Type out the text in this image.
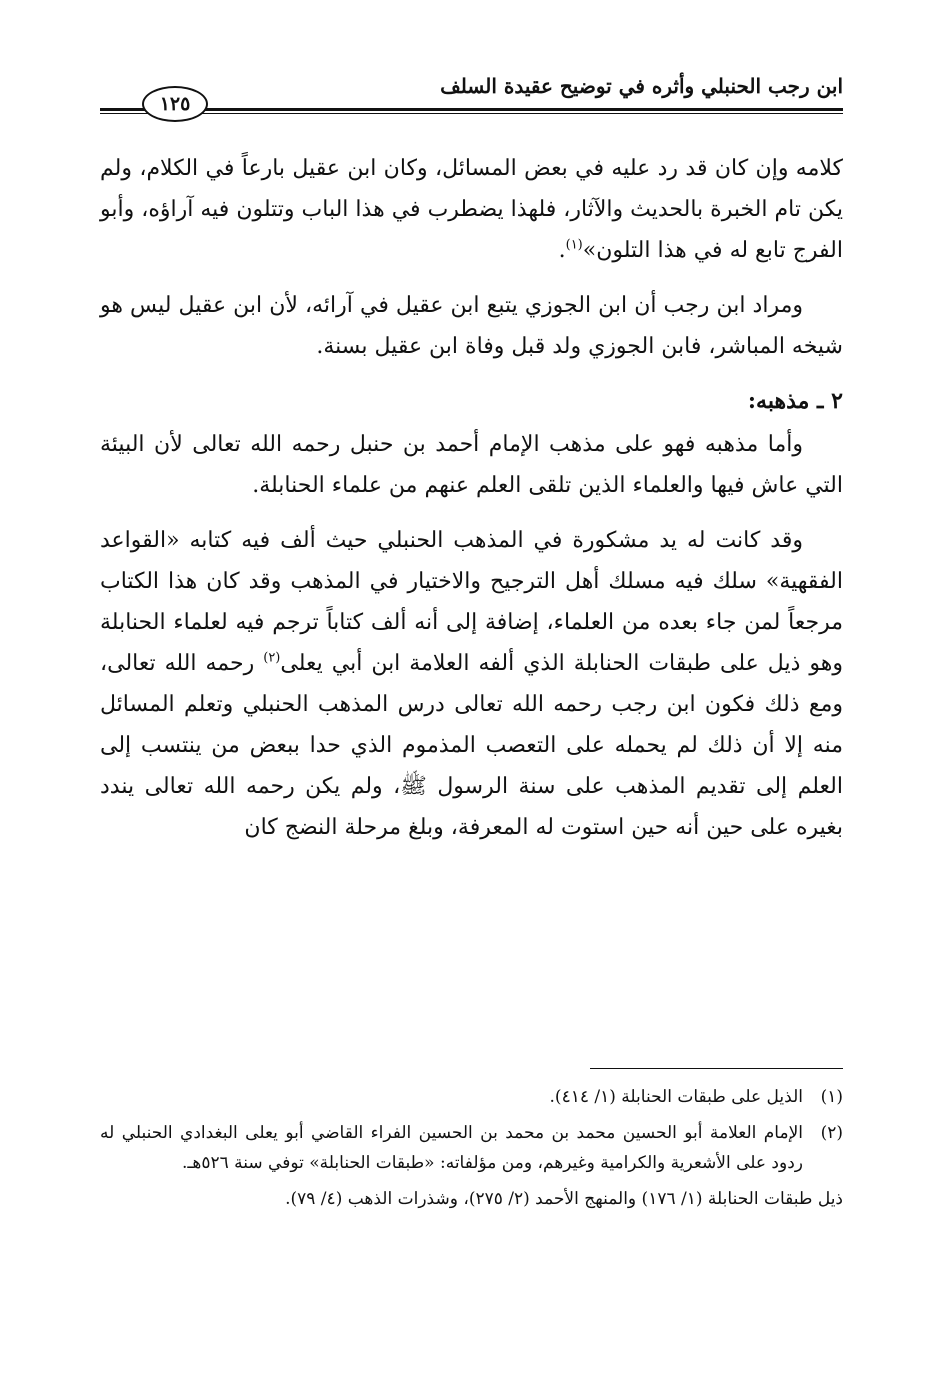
ابن رجب الحنبلي وأثره في توضيح عقيدة السلف
١٢٥

كلامه وإن كان قد رد عليه في بعض المسائل، وكان ابن عقيل بارعاً في الكلام، ولم يكن تام الخبرة بالحديث والآثار، فلهذا يضطرب في هذا الباب وتتلون فيه آراؤه، وأبو الفرج تابع له في هذا التلون»$^{(١)}$.

ومراد ابن رجب أن ابن الجوزي يتبع ابن عقيل في آرائه، لأن ابن عقيل ليس هو شيخه المباشر، فابن الجوزي ولد قبل وفاة ابن عقيل بسنة.

٢ ـ مذهبه:

وأما مذهبه فهو على مذهب الإمام أحمد بن حنبل رحمه الله تعالى لأن البيئة التي عاش فيها والعلماء الذين تلقى العلم عنهم من علماء الحنابلة.

وقد كانت له يد مشكورة في المذهب الحنبلي حيث ألف فيه كتابه «القواعد الفقهية» سلك فيه مسلك أهل الترجيح والاختيار في المذهب وقد كان هذا الكتاب مرجعاً لمن جاء بعده من العلماء، إضافة إلى أنه ألف كتاباً ترجم فيه لعلماء الحنابلة وهو ذيل على طبقات الحنابلة الذي ألفه العلامة ابن أبي يعلى$^{(٢)}$ رحمه الله تعالى، ومع ذلك فكون ابن رجب رحمه الله تعالى درس المذهب الحنبلي وتعلم المسائل منه إلا أن ذلك لم يحمله على التعصب المذموم الذي حدا ببعض من ينتسب إلى العلم إلى تقديم المذهب على سنة الرسول ﷺ، ولم يكن رحمه الله تعالى يندد بغيره على حين أنه حين استوت له المعرفة، وبلغ مرحلة النضج كان

(١)
الذيل على طبقات الحنابلة (١/ ٤١٤).
(٢)
الإمام العلامة أبو الحسين محمد بن محمد بن الحسين الفراء القاضي أبو يعلى البغدادي الحنبلي له ردود على الأشعرية والكرامية وغيرهم، ومن مؤلفاته: «طبقات الحنابلة» توفي سنة ٥٢٦هـ.

ذيل طبقات الحنابلة (١/ ١٧٦) والمنهج الأحمد (٢/ ٢٧٥)، وشذرات الذهب (٤/ ٧٩).
